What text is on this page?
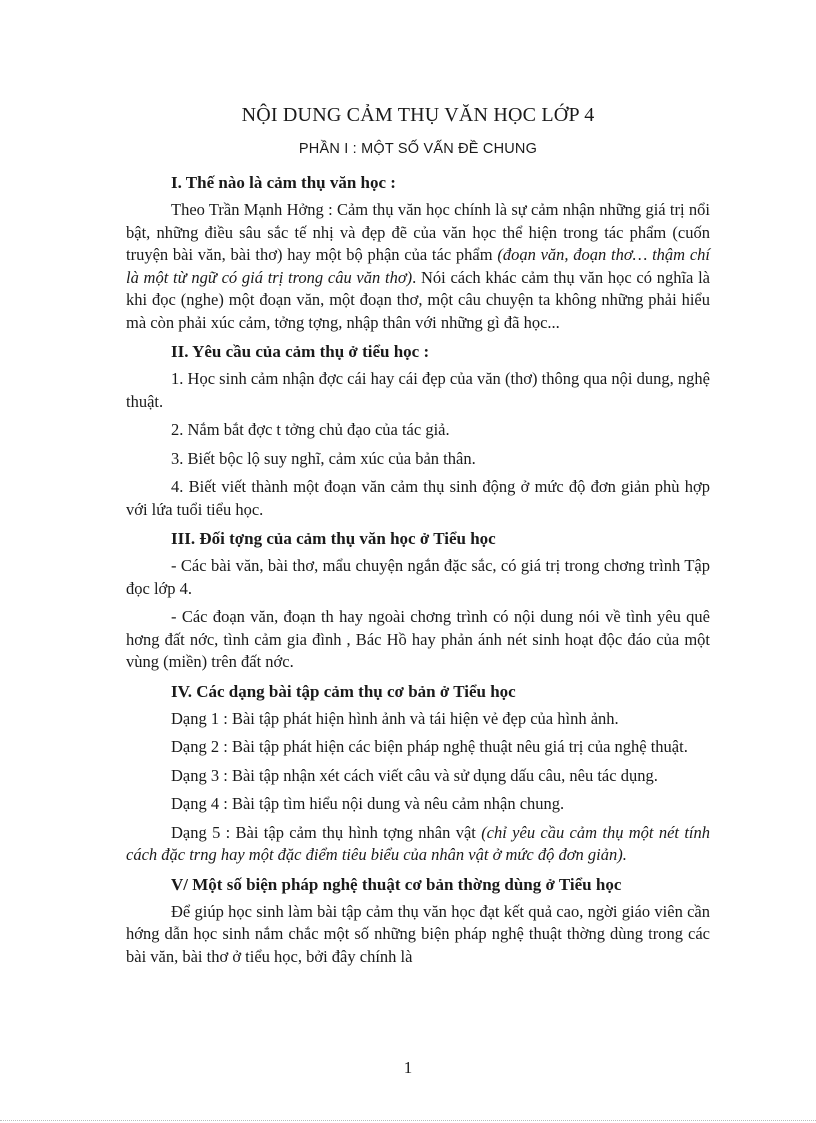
NỘI DUNG CẢM THỤ VĂN HỌC LỚP 4
PHẦN I : MỘT SỐ VẤN ĐỀ CHUNG
I. Thế nào là cảm thụ văn học :

Theo Trần Mạnh Hởng : Cảm thụ văn học chính là sự cảm nhận những giá trị nổi bật, những điều sâu sắc tế nhị và đẹp đẽ của văn học thể hiện trong tác phẩm (cuốn truyện bài văn, bài thơ) hay một bộ phận của tác phẩm (đoạn văn, đoạn thơ… thậm chí là một từ ngữ có giá trị trong câu văn thơ). Nói cách khác cảm thụ văn học có nghĩa là khi đọc (nghe) một đoạn văn, một đoạn thơ, một câu chuyện ta không những phải hiểu mà còn phải xúc cảm, tởng tợng, nhập thân với những gì đã học...

II. Yêu cầu của cảm thụ ở tiểu học :

1. Học sinh cảm nhận đợc cái hay cái đẹp của văn (thơ) thông qua nội dung, nghệ thuật.

2. Nắm bắt đợc t tởng chủ đạo của tác giả.

3. Biết bộc lộ suy nghĩ, cảm xúc của bản thân.

4. Biết viết thành một đoạn văn cảm thụ sinh động ở mức độ đơn giản phù hợp với lứa tuổi tiểu học.

III. Đối tợng của cảm thụ văn học ở Tiểu học

- Các bài văn, bài thơ, mẩu chuyện ngắn đặc sắc, có giá trị trong chơng trình Tập đọc lớp 4.

- Các đoạn văn, đoạn th hay ngoài chơng trình có nội dung nói về tình yêu quê hơng đất nớc, tình cảm gia đình , Bác Hồ hay phản ánh nét sinh hoạt độc đáo của một vùng (miền) trên đất nớc.

IV. Các dạng bài tập cảm thụ cơ bản ở Tiểu học

Dạng 1 : Bài tập phát hiện hình ảnh và tái hiện vẻ đẹp của hình ảnh.

Dạng 2 : Bài tập phát hiện các biện pháp nghệ thuật nêu giá trị của nghệ thuật.

Dạng 3 : Bài tập nhận xét cách viết câu và sử dụng dấu câu, nêu tác dụng.

Dạng 4 : Bài tập tìm hiểu nội dung và nêu cảm nhận chung.

Dạng 5 : Bài tập cảm thụ hình tợng nhân vật (chỉ yêu cầu cảm thụ một nét tính cách đặc trng hay một đặc điểm tiêu biểu của nhân vật ở mức độ đơn giản).

V/ Một số biện pháp nghệ thuật cơ bản thờng dùng ở Tiểu học

Để giúp học sinh làm bài tập cảm thụ văn học đạt kết quả cao, ngời giáo viên cần hớng dẫn học sinh nắm chắc một số những biện pháp nghệ thuật thờng dùng trong các bài văn, bài thơ ở tiểu học, bởi đây chính là

1
